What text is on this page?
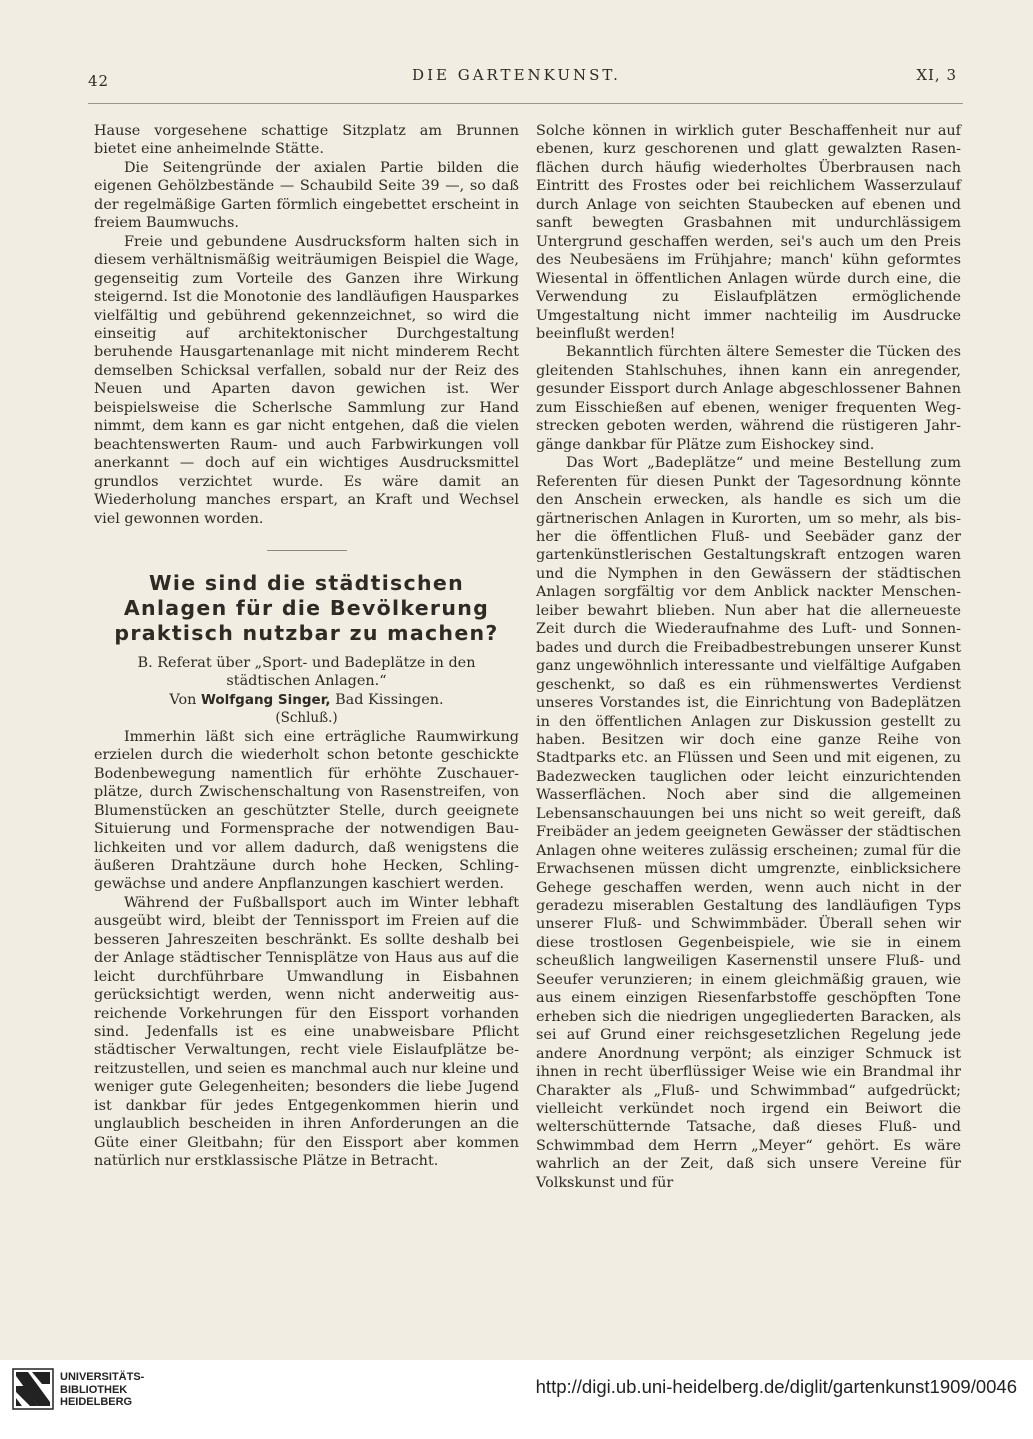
42	DIE GARTENKUNST.	XI, 3

Hause vorgesehene schattige Sitzplatz am Brunnen bietet eine anheimelnde Stätte.

Die Seitengründe der axialen Partie bilden die eigenen Gehölzbestände — Schaubild Seite 39 —, so daß der regelmäßige Garten förmlich eingebettet erscheint in freiem Baumwuchs.

Freie und gebundene Ausdrucksform halten sich in diesem verhältnismäßig weiträumigen Beispiel die Wage, gegenseitig zum Vorteile des Ganzen ihre Wirkung steigernd. Ist die Monotonie des landläufigen Hausparkes vielfältig und gebührend gekennzeichnet, so wird die einseitig auf architektonischer Durchgestaltung beruhende Hausgartenanlage mit nicht minderem Recht demselben Schicksal verfallen, sobald nur der Reiz des Neuen und Aparten davon gewichen ist. Wer beispielsweise die Scherlsche Sammlung zur Hand nimmt, dem kann es gar nicht entgehen, daß die vielen beachtenswerten Raum- und auch Farbwirkungen voll anerkannt — doch auf ein wichtiges Ausdrucksmittel grundlos verzichtet wurde. Es wäre damit an Wiederholung manches erspart, an Kraft und Wechsel viel gewonnen worden.

Wie sind die städtischen Anlagen für die Bevölkerung praktisch nutzbar zu machen?

B. Referat über „Sport- und Badeplätze in den städtischen Anlagen.“

Von Wolfgang Singer, Bad Kissingen.

(Schluß.)

Immerhin läßt sich eine erträgliche Raumwirkung erzielen durch die wiederholt schon betonte geschickte Bodenbewegung namentlich für erhöhte Zuschauerplätze, durch Zwischenschaltung von Rasenstreifen, von Blumenstücken an geschützter Stelle, durch geeignete Situierung und Formensprache der notwendigen Baulichkeiten und vor allem dadurch, daß wenigstens die äußeren Drahtzäune durch hohe Hecken, Schlinggewächse und andere Anpflanzungen kaschiert werden.

Während der Fußballsport auch im Winter lebhaft ausgeübt wird, bleibt der Tennissport im Freien auf die besseren Jahreszeiten beschränkt. Es sollte deshalb bei der Anlage städtischer Tennisplätze von Haus aus auf die leicht durchführbare Umwandlung in Eisbahnen gerücksichtigt werden, wenn nicht anderweitig ausreichende Vorkehrungen für den Eissport vorhanden sind. Jedenfalls ist es eine unabweisbare Pflicht städtischer Verwaltungen, recht viele Eislaufplätze bereitzustellen, und seien es manchmal auch nur kleine und weniger gute Gelegenheiten; besonders die liebe Jugend ist dankbar für jedes Entgegenkommen hierin und unglaublich bescheiden in ihren Anforderungen an die Güte einer Gleitbahn; für den Eissport aber kommen natürlich nur erstklassische Plätze in Betracht.

Solche können in wirklich guter Beschaffenheit nur auf ebenen, kurz geschorenen und glatt gewalzten Rasenflächen durch häufig wiederholtes Überbrausen nach Eintritt des Frostes oder bei reichlichem Wasserzulauf durch Anlage von seichten Staubecken auf ebenen und sanft bewegten Grasbahnen mit undurchlässigem Untergrund geschaffen werden, sei's auch um den Preis des Neubesäens im Frühjahre; manch' kühn geformtes Wiesental in öffentlichen Anlagen würde durch eine, die Verwendung zu Eislaufplätzen ermöglichende Umgestaltung nicht immer nachteilig im Ausdrucke beeinflußt werden!

Bekanntlich fürchten ältere Semester die Tücken des gleitenden Stahlschuhes, ihnen kann ein anregender, gesunder Eissport durch Anlage abgeschlossener Bahnen zum Eisschießen auf ebenen, weniger frequenten Wegstrecken geboten werden, während die rüstigeren Jahrgänge dankbar für Plätze zum Eishockey sind.

Das Wort „Badeplätze“ und meine Bestellung zum Referenten für diesen Punkt der Tagesordnung könnte den Anschein erwecken, als handle es sich um die gärtnerischen Anlagen in Kurorten, um so mehr, als bisher die öffentlichen Fluß- und Seebäder ganz der gartenkünstlerischen Gestaltungskraft entzogen waren und die Nymphen in den Gewässern der städtischen Anlagen sorgfältig vor dem Anblick nackter Menschenleiber bewahrt blieben. Nun aber hat die allerneueste Zeit durch die Wiederaufnahme des Luft- und Sonnenbades und durch die Freibadbestrebungen unserer Kunst ganz ungewöhnlich interessante und vielfältige Aufgaben geschenkt, so daß es ein rühmenswertes Verdienst unseres Vorstandes ist, die Einrichtung von Badeplätzen in den öffentlichen Anlagen zur Diskussion gestellt zu haben. Besitzen wir doch eine ganze Reihe von Stadtparks etc. an Flüssen und Seen und mit eigenen, zu Badezwecken tauglichen oder leicht einzurichtenden Wasserflächen. Noch aber sind die allgemeinen Lebensanschauungen bei uns nicht so weit gereift, daß Freibäder an jedem geeigneten Gewässer der städtischen Anlagen ohne weiteres zulässig erscheinen; zumal für die Erwachsenen müssen dicht umgrenzte, einblicksichere Gehege geschaffen werden, wenn auch nicht in der geradezu miserablen Gestaltung des landläufigen Typs unserer Fluß- und Schwimmbäder. Überall sehen wir diese trostlosen Gegenbeispiele, wie sie in einem scheußlich langweiligen Kasernenstil unsere Fluß- und Seeufer verunzieren; in einem gleichmäßig grauen, wie aus einem einzigen Riesenfarbstoffe geschöpften Tone erheben sich die niedrigen ungegliederten Baracken, als sei auf Grund einer reichsgesetzlichen Regelung jede andere Anordnung verpönt; als einziger Schmuck ist ihnen in recht überflüssiger Weise wie ein Brandmal ihr Charakter als „Fluß- und Schwimmbad“ aufgedrückt; vielleicht verkündet noch irgend ein Beiwort die welterschütternde Tatsache, daß dieses Fluß- und Schwimmbad dem Herrn „Meyer“ gehört. Es wäre wahrlich an der Zeit, daß sich unsere Vereine für Volkskunst und für

UNIVERSITÄTS-
BIBLIOTHEK
HEIDELBERG
http://digi.ub.uni-heidelberg.de/diglit/gartenkunst1909/0046
